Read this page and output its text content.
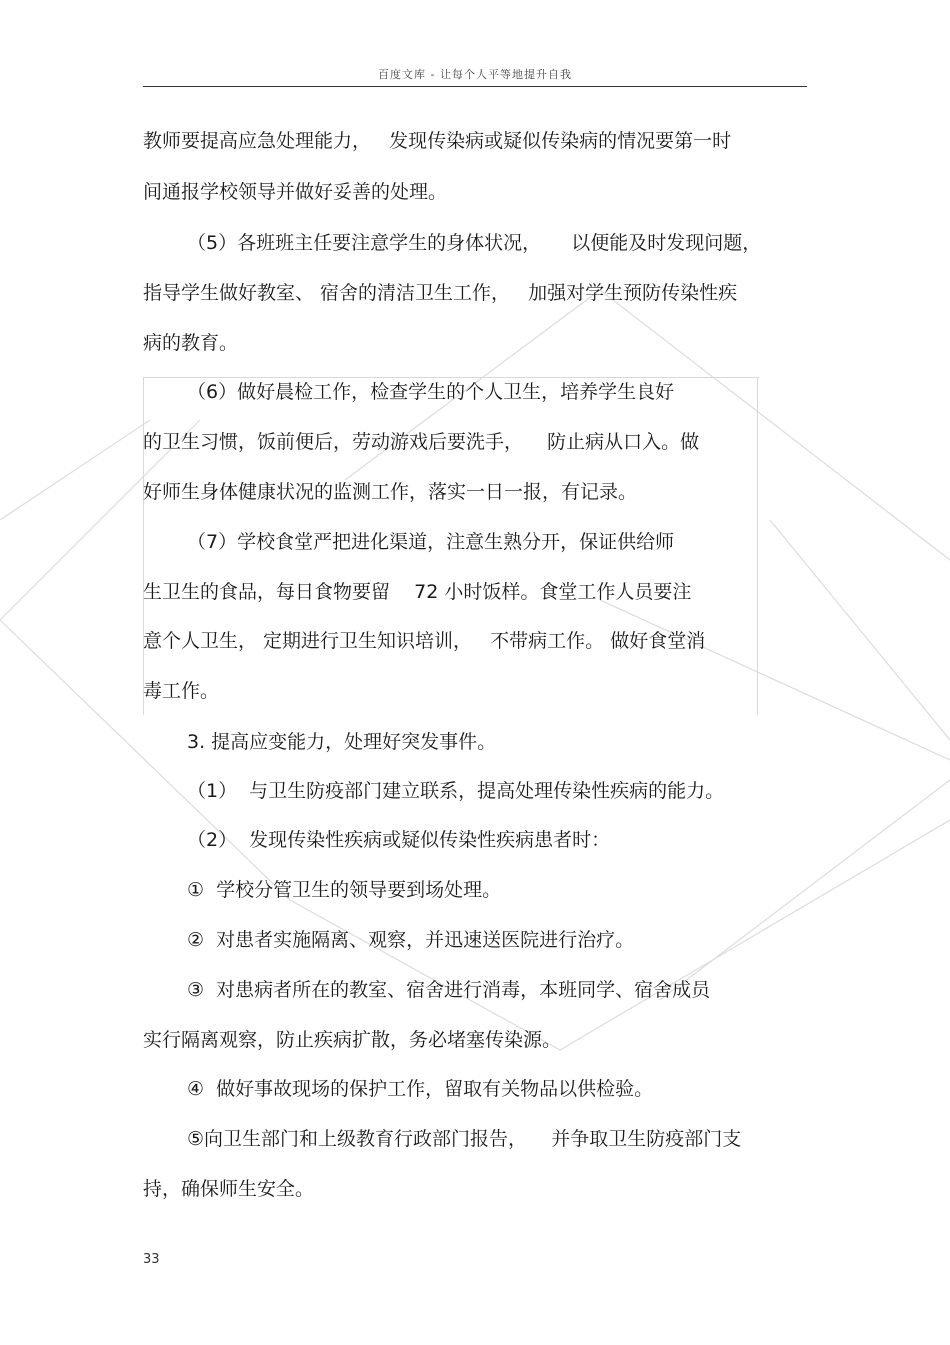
百度文库 - 让每个人平等地提升自我
教师要提高应急处理能力，   发现传染病或疑似传染病的情况要第一时
间通报学校领导并做好妥善的处理。
（5）各班班主任要注意学生的身体状况，     以便能及时发现问题，
指导学生做好教室、 宿舍的清洁卫生工作，   加强对学生预防传染性疾
病的教育。
（6）做好晨检工作，检查学生的个人卫生，培养学生良好
的卫生习惯，饭前便后，劳动游戏后要洗手，    防止病从口入。做
好师生身体健康状况的监测工作，落实一日一报，有记录。
（7）学校食堂严把进化渠道，注意生熟分开，保证供给师
生卫生的食品，每日食物要留    72 小时饭样。食堂工作人员要注
意个人卫生， 定期进行卫生知识培训，   不带病工作。 做好食堂消
毒工作。
3. 提高应变能力，处理好突发事件。
（1）  与卫生防疫部门建立联系，提高处理传染性疾病的能力。
（2）  发现传染性疾病或疑似传染性疾病患者时：
①  学校分管卫生的领导要到场处理。
②  对患者实施隔离、观察，并迅速送医院进行治疗。
③  对患病者所在的教室、宿舍进行消毒，本班同学、宿舍成员
实行隔离观察，防止疾病扩散，务必堵塞传染源。
④  做好事故现场的保护工作，留取有关物品以供检验。
⑤向卫生部门和上级教育行政部门报告，    并争取卫生防疫部门支
持，确保师生安全。
33
